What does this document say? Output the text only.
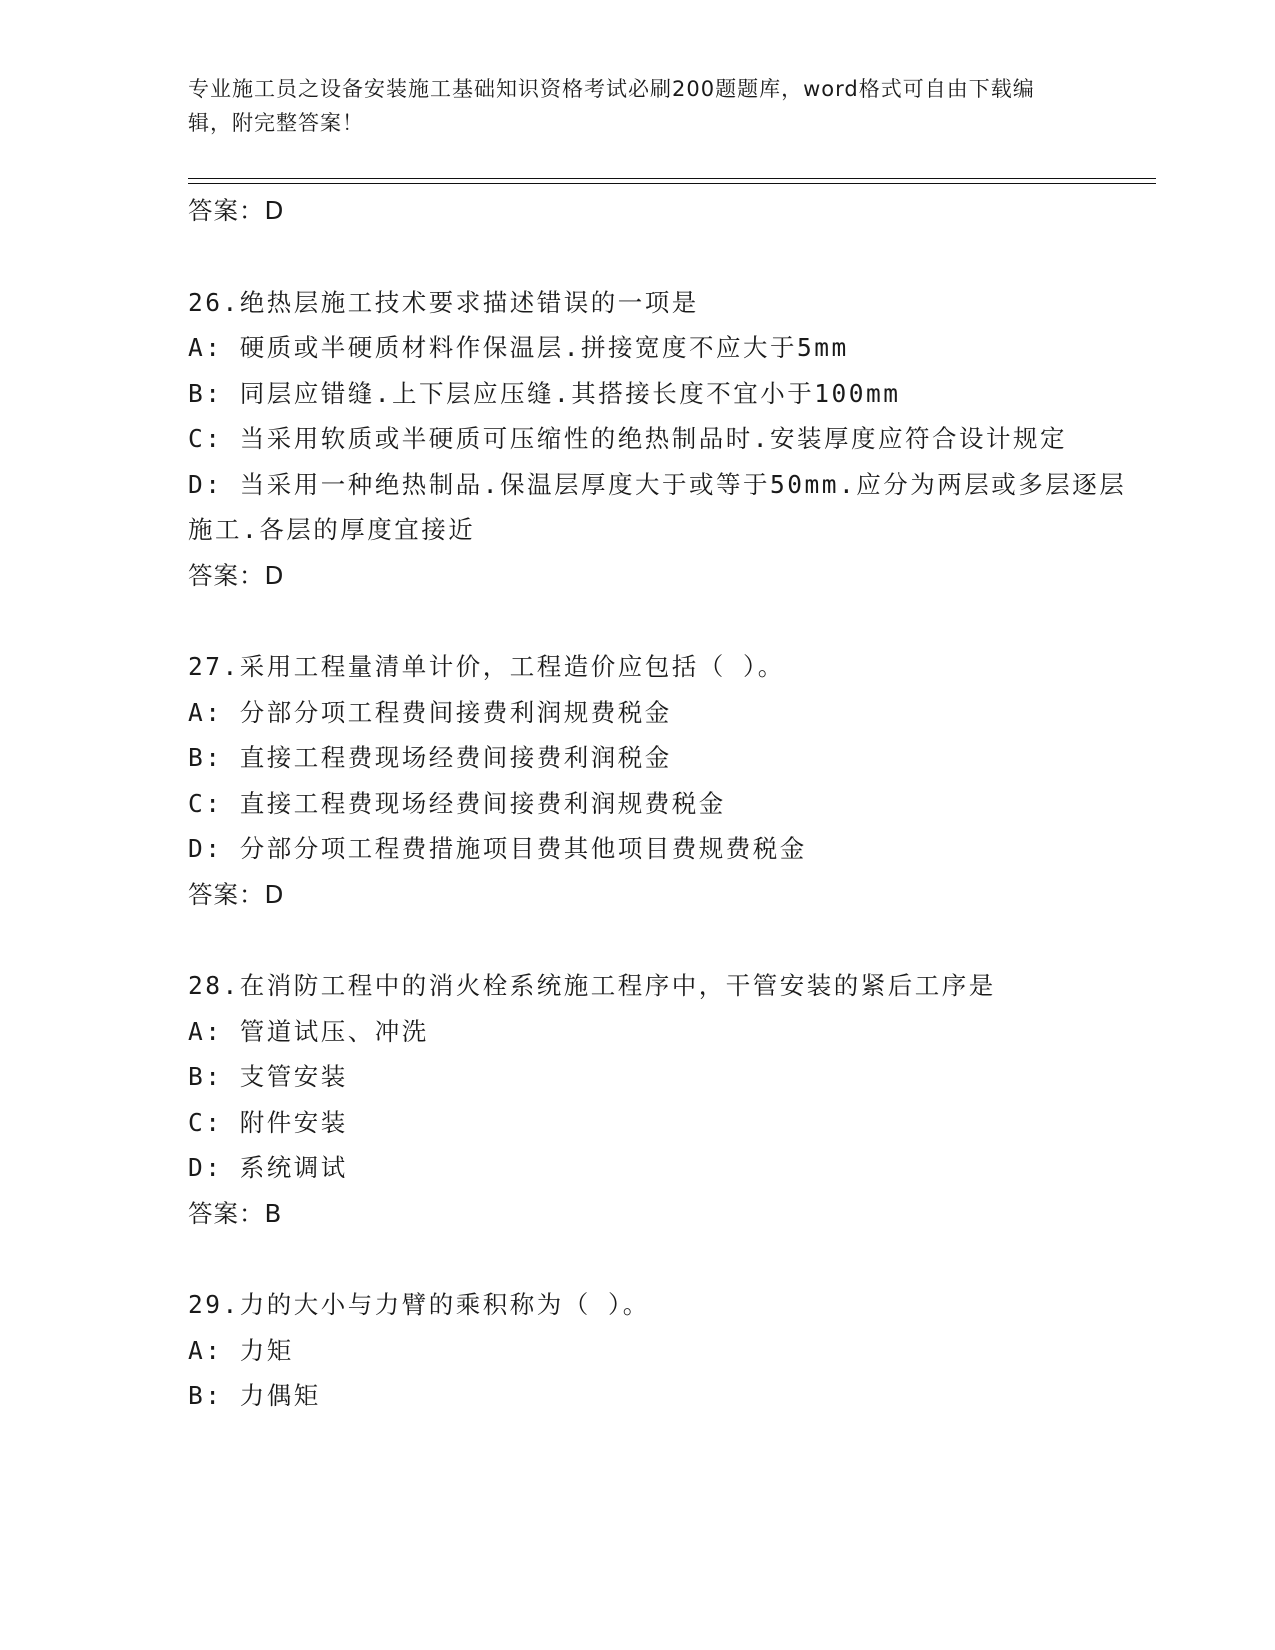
专业施工员之设备安装施工基础知识资格考试必刷200题题库，word格式可自由下载编辑，附完整答案！
答案：D
26.绝热层施工技术要求描述错误的一项是
A: 硬质或半硬质材料作保温层.拼接宽度不应大于5mm
B: 同层应错缝.上下层应压缝.其搭接长度不宜小于100mm
C: 当采用软质或半硬质可压缩性的绝热制品时.安装厚度应符合设计规定
D: 当采用一种绝热制品.保温层厚度大于或等于50mm.应分为两层或多层逐层施工.各层的厚度宜接近
答案：D
27.采用工程量清单计价，工程造价应包括（ ）。
A: 分部分项工程费间接费利润规费税金
B: 直接工程费现场经费间接费利润税金
C: 直接工程费现场经费间接费利润规费税金
D: 分部分项工程费措施项目费其他项目费规费税金
答案：D
28.在消防工程中的消火栓系统施工程序中，干管安装的紧后工序是
A: 管道试压、冲洗
B: 支管安装
C: 附件安装
D: 系统调试
答案：B
29.力的大小与力臂的乘积称为（ ）。
A: 力矩
B: 力偶矩
